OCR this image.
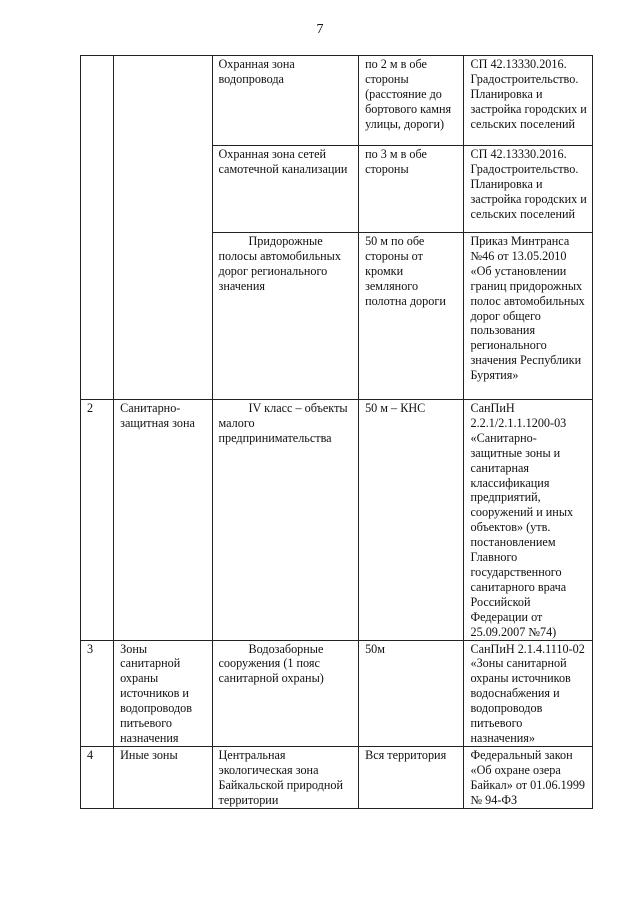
7
		Охранная зона водопровода	по 2 м в обе стороны (расстояние до бортового камня улицы, дороги)	СП 42.13330.2016. Градостроительство. Планировка и застройка городских и сельских поселений
		Охранная зона сетей самотечной канализации	по 3 м в обе стороны	СП 42.13330.2016. Градостроительство. Планировка и застройка городских и сельских поселений
		Придорожные полосы автомобильных дорог регионального значения	50 м по обе стороны от кромки земляного полотна дороги	Приказ Минтранса №46 от 13.05.2010 «Об установлении границ придорожных полос автомобильных дорог общего пользования регионального значения Республики Бурятия»
2	Санитарно-защитная зона	IV класс – объекты малого предпринимательства	50 м – КНС	СанПиН 2.2.1/2.1.1.1200-03 «Санитарно-защитные зоны и санитарная классификация предприятий, сооружений и иных объектов» (утв. постановлением Главного государственного санитарного врача Российской Федерации от 25.09.2007 №74)
3	Зоны санитарной охраны источников и водопроводов питьевого назначения	Водозаборные сооружения (1 пояс санитарной охраны)	50м	СанПиН 2.1.4.1110-02 «Зоны санитарной охраны источников водоснабжения и водопроводов питьевого назначения»
4	Иные зоны	Центральная экологическая зона Байкальской природной территории	Вся территория	Федеральный закон «Об охране озера Байкал» от 01.06.1999 № 94-ФЗ
